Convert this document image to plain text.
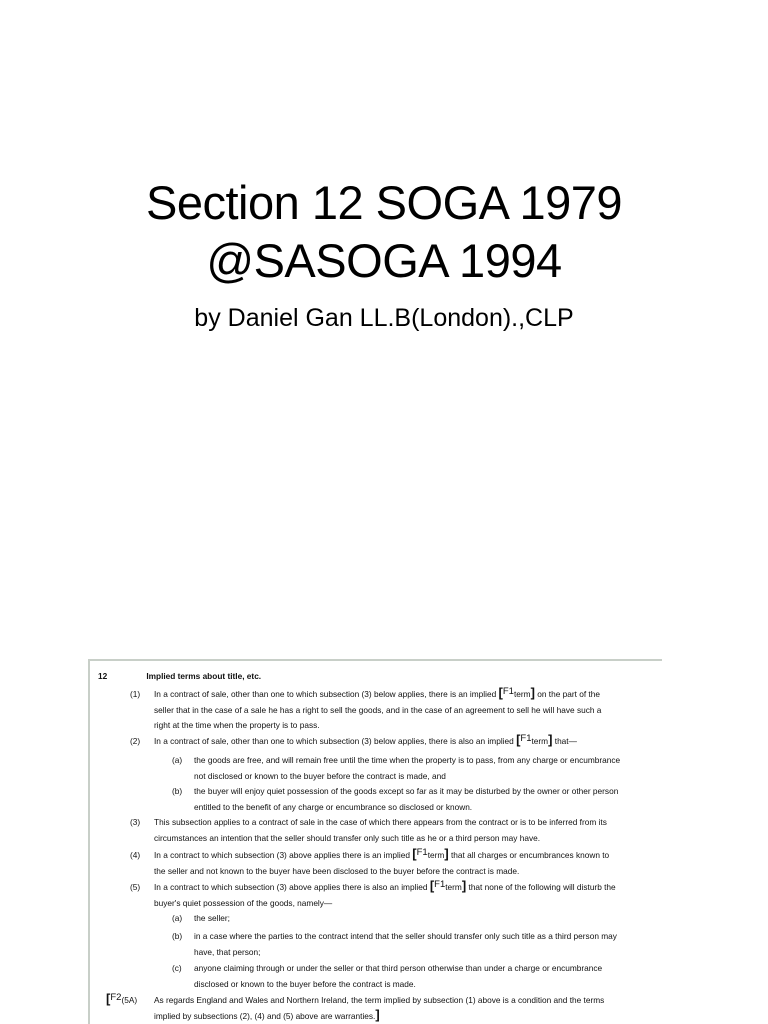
Section 12 SOGA 1979
@SASOGA 1994
by Daniel Gan LL.B(London).,CLP
12	Implied terms about title, etc.
(1) In a contract of sale, other than one to which subsection (3) below applies, there is an implied [F1term] on the part of the
seller that in the case of a sale he has a right to sell the goods, and in the case of an agreement to sell he will have such a
right at the time when the property is to pass.
(2) In a contract of sale, other than one to which subsection (3) below applies, there is also an implied [F1term] that—
(a) the goods are free, and will remain free until the time when the property is to pass, from any charge or encumbrance
not disclosed or known to the buyer before the contract is made, and
(b) the buyer will enjoy quiet possession of the goods except so far as it may be disturbed by the owner or other person
entitled to the benefit of any charge or encumbrance so disclosed or known.
(3) This subsection applies to a contract of sale in the case of which there appears from the contract or is to be inferred from its
circumstances an intention that the seller should transfer only such title as he or a third person may have.
(4) In a contract to which subsection (3) above applies there is an implied [F1term] that all charges or encumbrances known to
the seller and not known to the buyer have been disclosed to the buyer before the contract is made.
(5) In a contract to which subsection (3) above applies there is also an implied [F1term] that none of the following will disturb the
buyer's quiet possession of the goods, namely—
(a) the seller;
(b) in a case where the parties to the contract intend that the seller should transfer only such title as a third person may
have, that person;
(c) anyone claiming through or under the seller or that third person otherwise than under a charge or encumbrance
disclosed or known to the buyer before the contract is made.
[F2(5A) As regards England and Wales and Northern Ireland, the term implied by subsection (1) above is a condition and the terms
implied by subsections (2), (4) and (5) above are warranties.]
